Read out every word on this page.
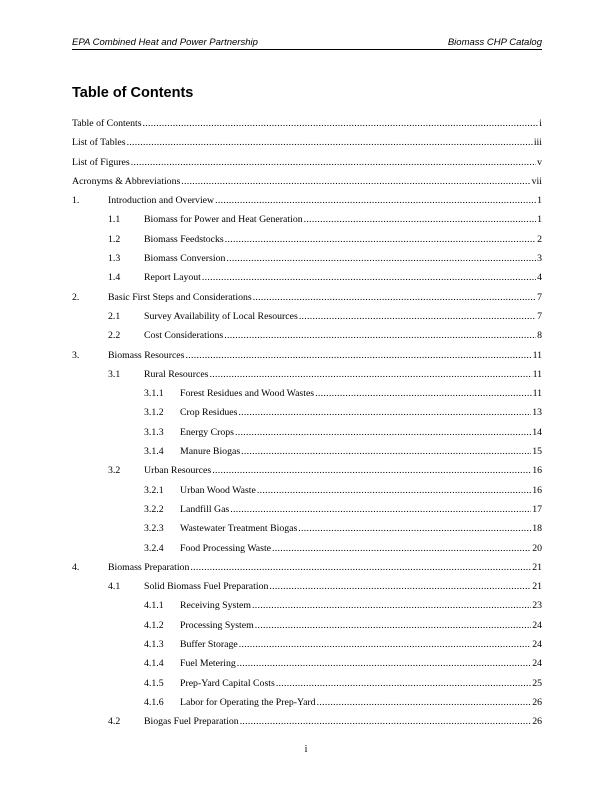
EPA Combined Heat and Power Partnership	Biomass CHP Catalog
Table of Contents
Table of Contents .....	i
List of Tables .....	iii
List of Figures .....	v
Acronyms & Abbreviations .....	vii
1.	Introduction and Overview .....	1
1.1	Biomass for Power and Heat Generation .....	1
1.2	Biomass Feedstocks .....	2
1.3	Biomass Conversion .....	3
1.4	Report Layout .....	4
2.	Basic First Steps and Considerations .....	7
2.1	Survey Availability of Local Resources .....	7
2.2	Cost Considerations .....	8
3.	Biomass Resources .....	11
3.1	Rural Resources .....	11
3.1.1	Forest Residues and Wood Wastes .....	11
3.1.2	Crop Residues .....	13
3.1.3	Energy Crops .....	14
3.1.4	Manure Biogas .....	15
3.2	Urban Resources .....	16
3.2.1	Urban Wood Waste .....	16
3.2.2	Landfill Gas .....	17
3.2.3	Wastewater Treatment Biogas .....	18
3.2.4	Food Processing Waste .....	20
4.	Biomass Preparation .....	21
4.1	Solid Biomass Fuel Preparation .....	21
4.1.1	Receiving System .....	23
4.1.2	Processing System .....	24
4.1.3	Buffer Storage .....	24
4.1.4	Fuel Metering .....	24
4.1.5	Prep-Yard Capital Costs .....	25
4.1.6	Labor for Operating the Prep-Yard .....	26
4.2	Biogas Fuel Preparation .....	26
i
